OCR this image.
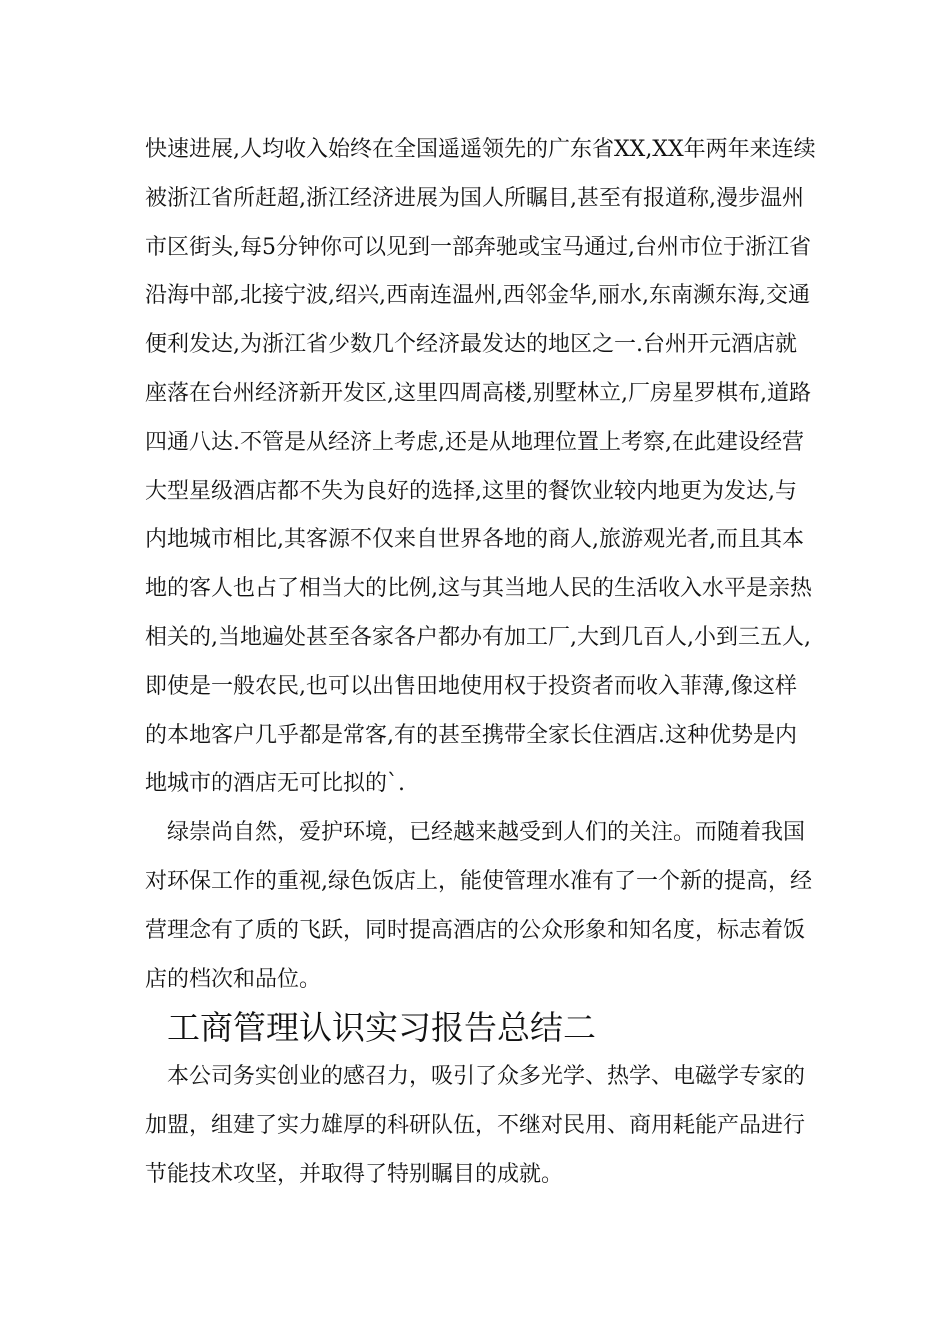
快速进展,人均收入始终在全国遥遥领先的广东省XX,XX年两年来连续被浙江省所赶超,浙江经济进展为国人所瞩目,甚至有报道称,漫步温州市区街头,每5分钟你可以见到一部奔驰或宝马通过,台州市位于浙江省沿海中部,北接宁波,绍兴,西南连温州,西邻金华,丽水,东南濒东海,交通便利发达,为浙江省少数几个经济最发达的地区之一.台州开元酒店就座落在台州经济新开发区,这里四周高楼,别墅林立,厂房星罗棋布,道路四通八达.不管是从经济上考虑,还是从地理位置上考察,在此建设经营大型星级酒店都不失为良好的选择,这里的餐饮业较内地更为发达,与内地城市相比,其客源不仅来自世界各地的商人,旅游观光者,而且其本地的客人也占了相当大的比例,这与其当地人民的生活收入水平是亲热相关的,当地遍处甚至各家各户都办有加工厂,大到几百人,小到三五人,即使是一般农民,也可以出售田地使用权于投资者而收入菲薄,像这样的本地客户几乎都是常客,有的甚至携带全家长住酒店.这种优势是内地城市的酒店无可比拟的`.

绿崇尚自然，爱护环境，已经越来越受到人们的关注。而随着我国对环保工作的重视,绿色饭店上，能使管理水准有了一个新的提高，经营理念有了质的飞跃，同时提高酒店的公众形象和知名度，标志着饭店的档次和品位。

工商管理认识实习报告总结二

本公司务实创业的感召力，吸引了众多光学、热学、电磁学专家的加盟，组建了实力雄厚的科研队伍，不继对民用、商用耗能产品进行节能技术攻坚，并取得了特别瞩目的成就。
